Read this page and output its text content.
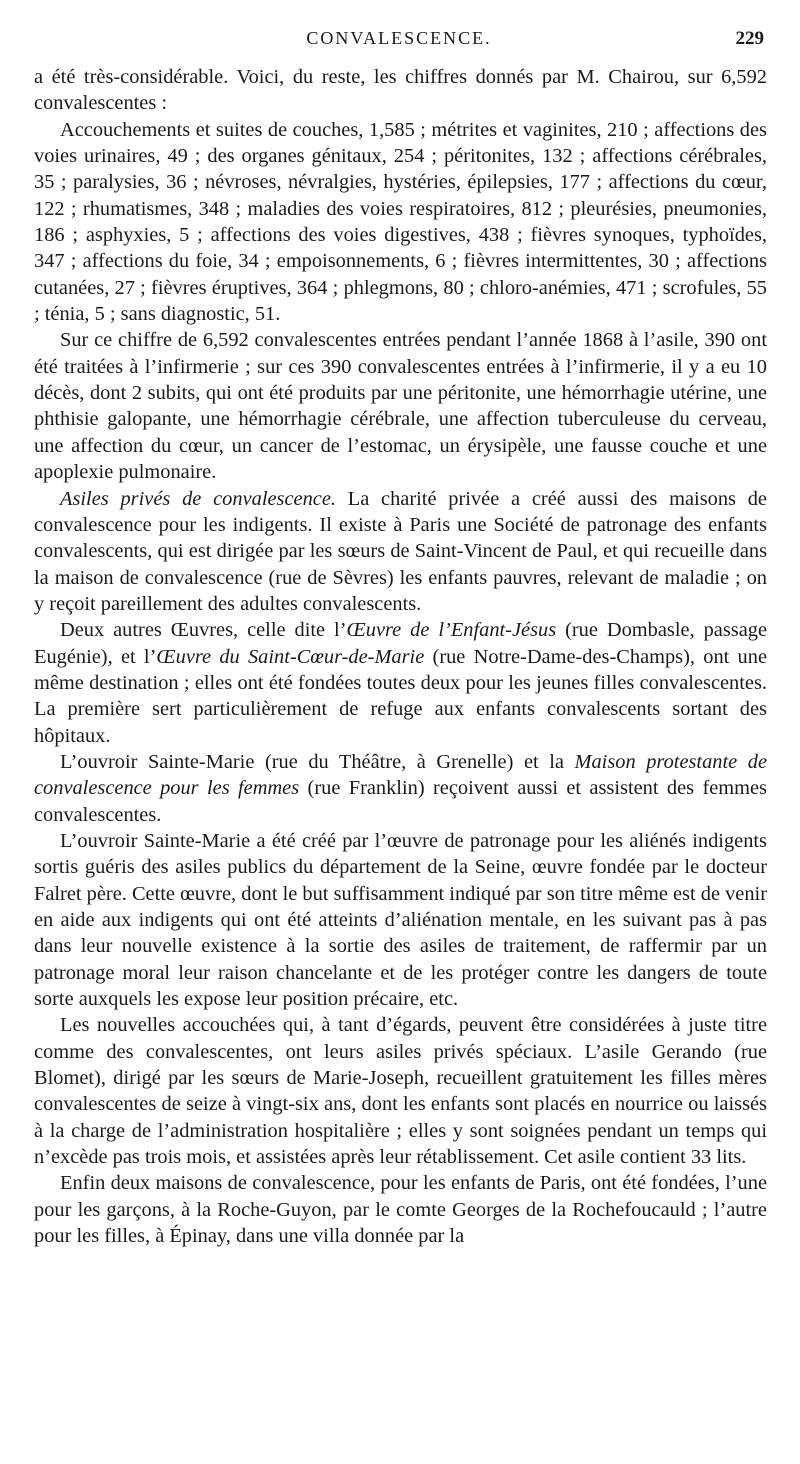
CONVALESCENCE.	229

a été très-considérable. Voici, du reste, les chiffres donnés par M. Chairou, sur 6,592 convalescentes :

Accouchements et suites de couches, 1,585 ; métrites et vaginites, 210 ; affections des voies urinaires, 49 ; des organes génitaux, 254 ; péritonites, 132 ; affections cérébrales, 35 ; paralysies, 36 ; névroses, névralgies, hystéries, épilepsies, 177 ; affections du cœur, 122 ; rhumatismes, 348 ; maladies des voies respiratoires, 812 ; pleurésies, pneumonies, 186 ; asphyxies, 5 ; affections des voies digestives, 438 ; fièvres synoques, typhoïdes, 347 ; affections du foie, 34 ; empoisonnements, 6 ; fièvres intermittentes, 30 ; affections cutanées, 27 ; fièvres éruptives, 364 ; phlegmons, 80 ; chloro-anémies, 471 ; scrofules, 55 ; ténia, 5 ; sans diagnostic, 51.

Sur ce chiffre de 6,592 convalescentes entrées pendant l’année 1868 à l’asile, 390 ont été traitées à l’infirmerie ; sur ces 390 convalescentes entrées à l’infirmerie, il y a eu 10 décès, dont 2 subits, qui ont été produits par une péritonite, une hémorrhagie utérine, une phthisie galopante, une hémorrhagie cérébrale, une affection tuberculeuse du cerveau, une affection du cœur, un cancer de l’estomac, un érysipèle, une fausse couche et une apoplexie pulmonaire.

Asiles privés de convalescence. La charité privée a créé aussi des maisons de convalescence pour les indigents. Il existe à Paris une Société de patronage des enfants convalescents, qui est dirigée par les sœurs de Saint-Vincent de Paul, et qui recueille dans la maison de convalescence (rue de Sèvres) les enfants pauvres, relevant de maladie ; on y reçoit pareillement des adultes convalescents.

Deux autres Œuvres, celle dite l’Œuvre de l’Enfant-Jésus (rue Dombasle, passage Eugénie), et l’Œuvre du Saint-Cœur-de-Marie (rue Notre-Dame-des-Champs), ont une même destination ; elles ont été fondées toutes deux pour les jeunes filles convalescentes. La première sert particulièrement de refuge aux enfants convalescents sortant des hôpitaux.

L’ouvroir Sainte-Marie (rue du Théâtre, à Grenelle) et la Maison protestante de convalescence pour les femmes (rue Franklin) reçoivent aussi et assistent des femmes convalescentes.

L’ouvroir Sainte-Marie a été créé par l’œuvre de patronage pour les aliénés indigents sortis guéris des asiles publics du département de la Seine, œuvre fondée par le docteur Falret père. Cette œuvre, dont le but suffisamment indiqué par son titre même est de venir en aide aux indigents qui ont été atteints d’aliénation mentale, en les suivant pas à pas dans leur nouvelle existence à la sortie des asiles de traitement, de raffermir par un patronage moral leur raison chancelante et de les protéger contre les dangers de toute sorte auxquels les expose leur position précaire, etc.

Les nouvelles accouchées qui, à tant d’égards, peuvent être considérées à juste titre comme des convalescentes, ont leurs asiles privés spéciaux. L’asile Gerando (rue Blomet), dirigé par les sœurs de Marie-Joseph, recueillent gratuitement les filles mères convalescentes de seize à vingt-six ans, dont les enfants sont placés en nourrice ou laissés à la charge de l’administration hospitalière ; elles y sont soignées pendant un temps qui n’excède pas trois mois, et assistées après leur rétablissement. Cet asile contient 33 lits.

Enfin deux maisons de convalescence, pour les enfants de Paris, ont été fondées, l’une pour les garçons, à la Roche-Guyon, par le comte Georges de la Rochefoucauld ; l’autre pour les filles, à Épinay, dans une villa donnée par la
